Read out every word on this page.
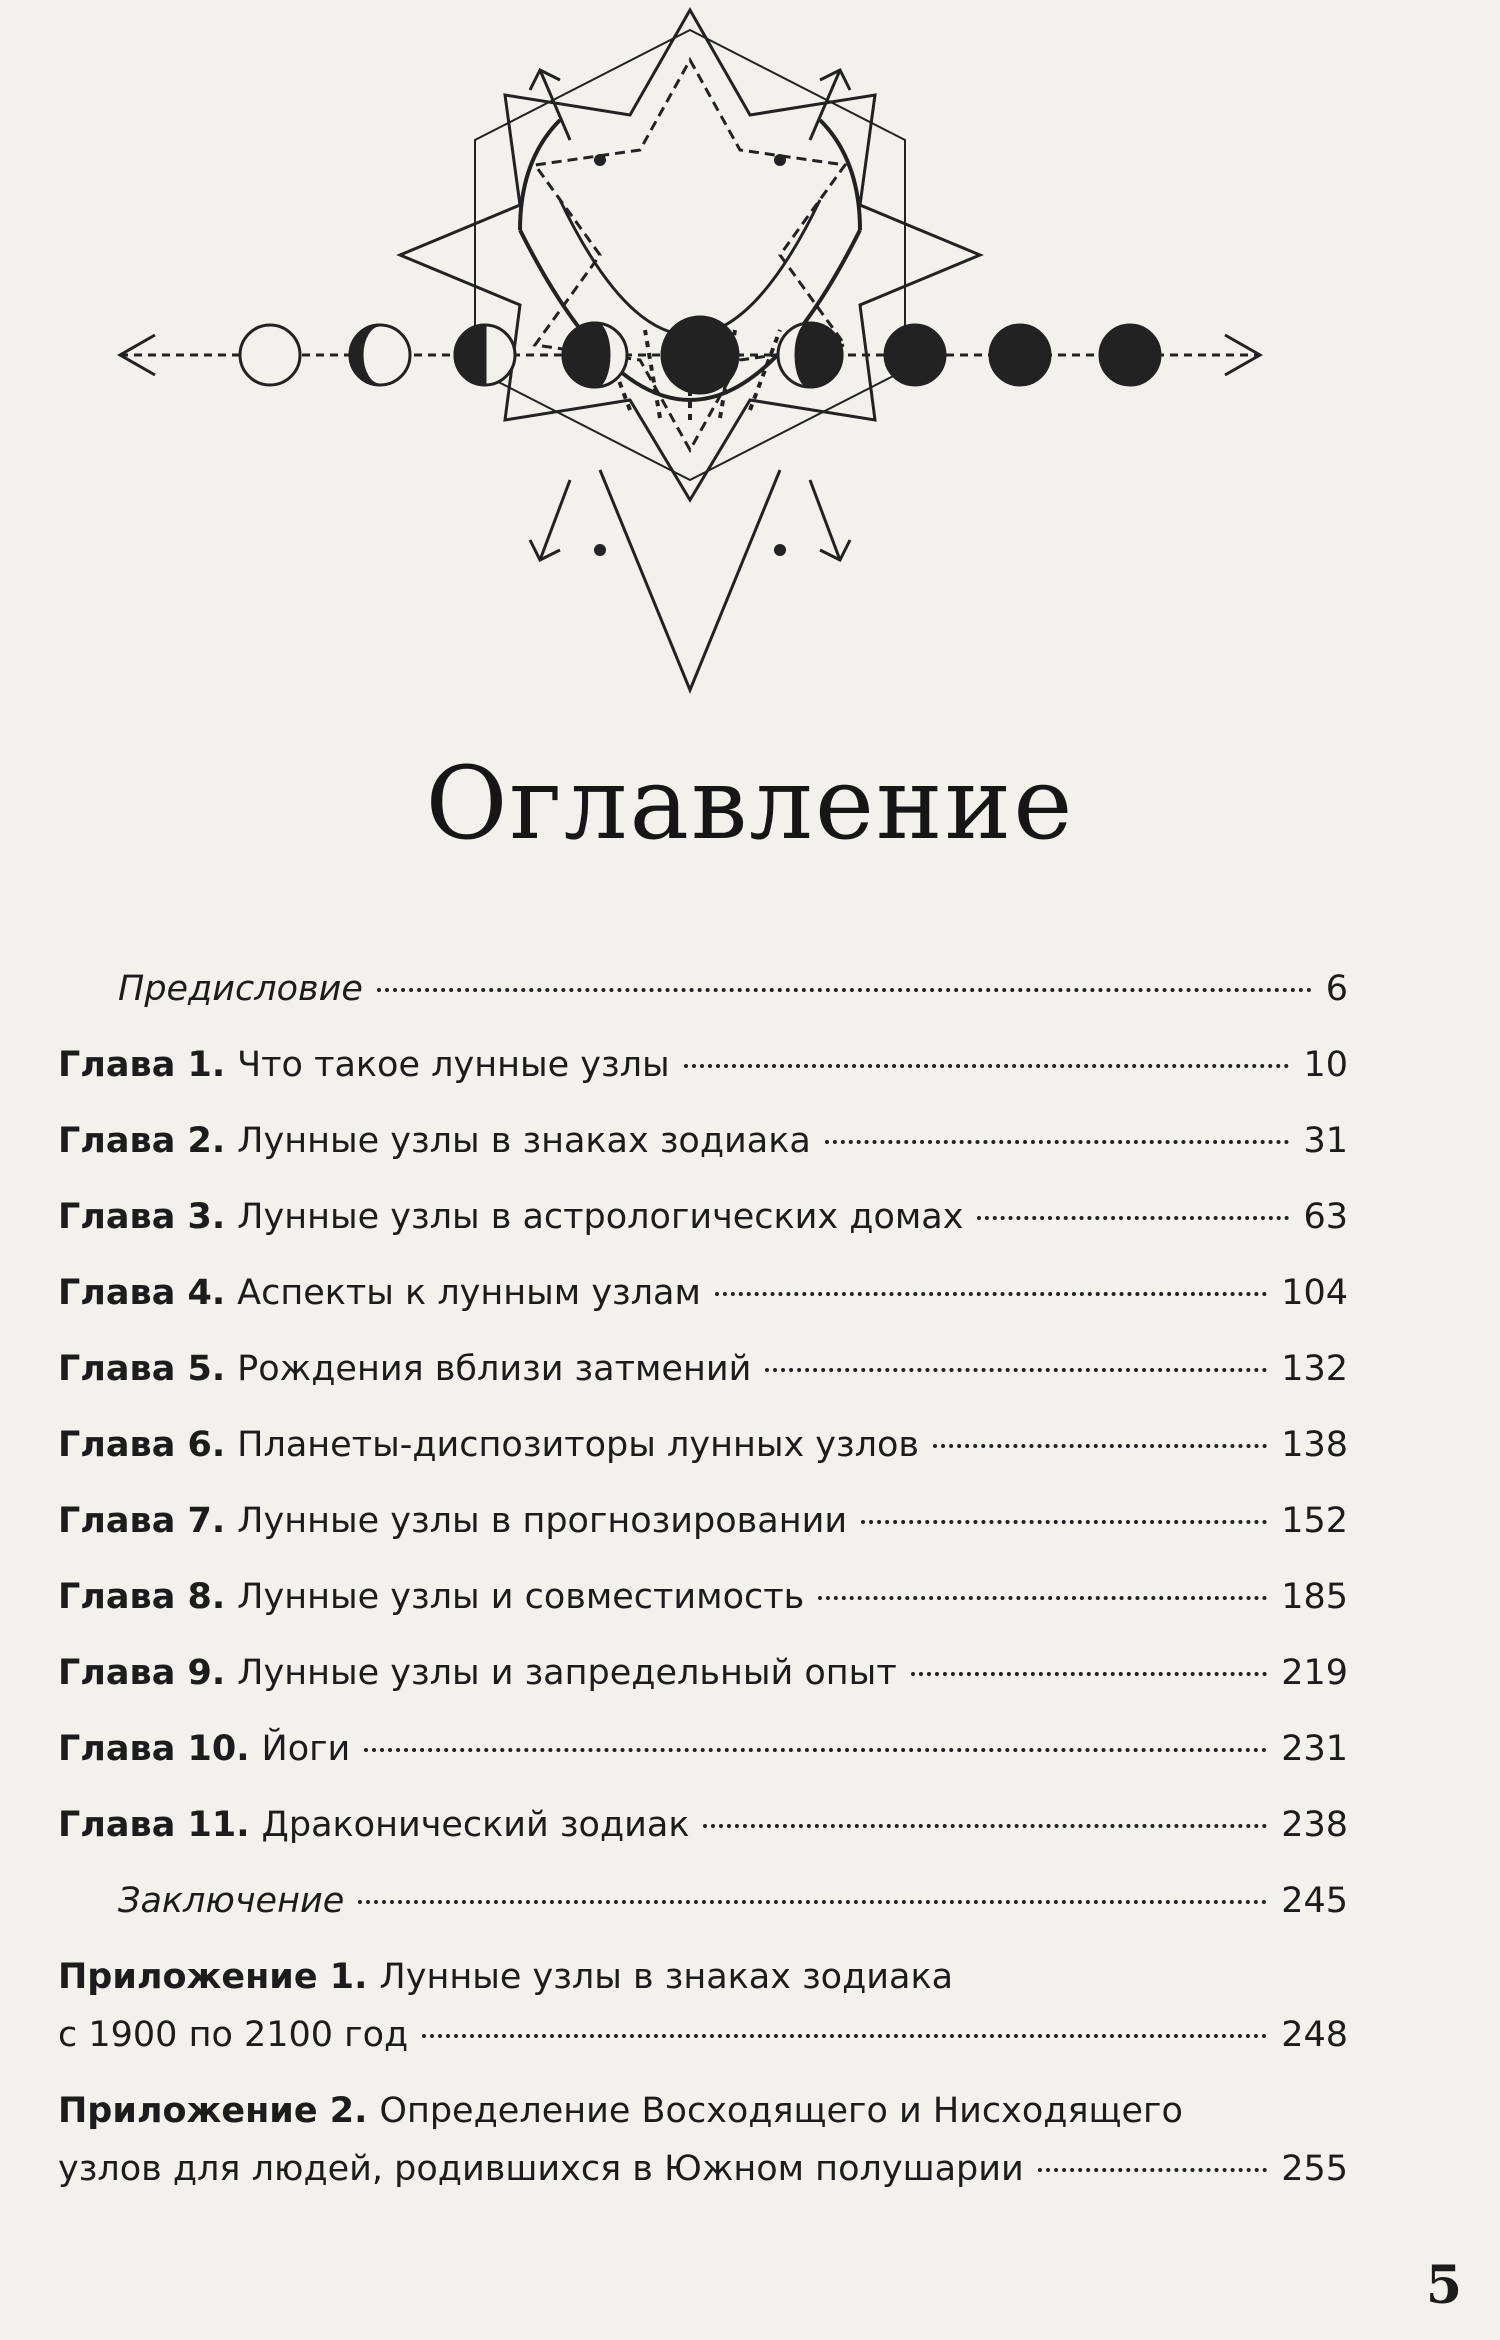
Оглавление
Предисловие	6
Глава 1. Что такое лунные узлы	10
Глава 2. Лунные узлы в знаках зодиака	31
Глава 3. Лунные узлы в астрологических домах	63
Глава 4. Аспекты к лунным узлам	104
Глава 5. Рождения вблизи затмений	132
Глава 6. Планеты-диспозиторы лунных узлов	138
Глава 7. Лунные узлы в прогнозировании	152
Глава 8. Лунные узлы и совместимость	185
Глава 9. Лунные узлы и запредельный опыт	219
Глава 10. Йоги	231
Глава 11. Драконический зодиак	238
Заключение	245
Приложение 1. Лунные узлы в знаках зодиака
с 1900 по 2100 год	248
Приложение 2. Определение Восходящего и Нисходящего
узлов для людей, родившихся в Южном полушарии	255
5
